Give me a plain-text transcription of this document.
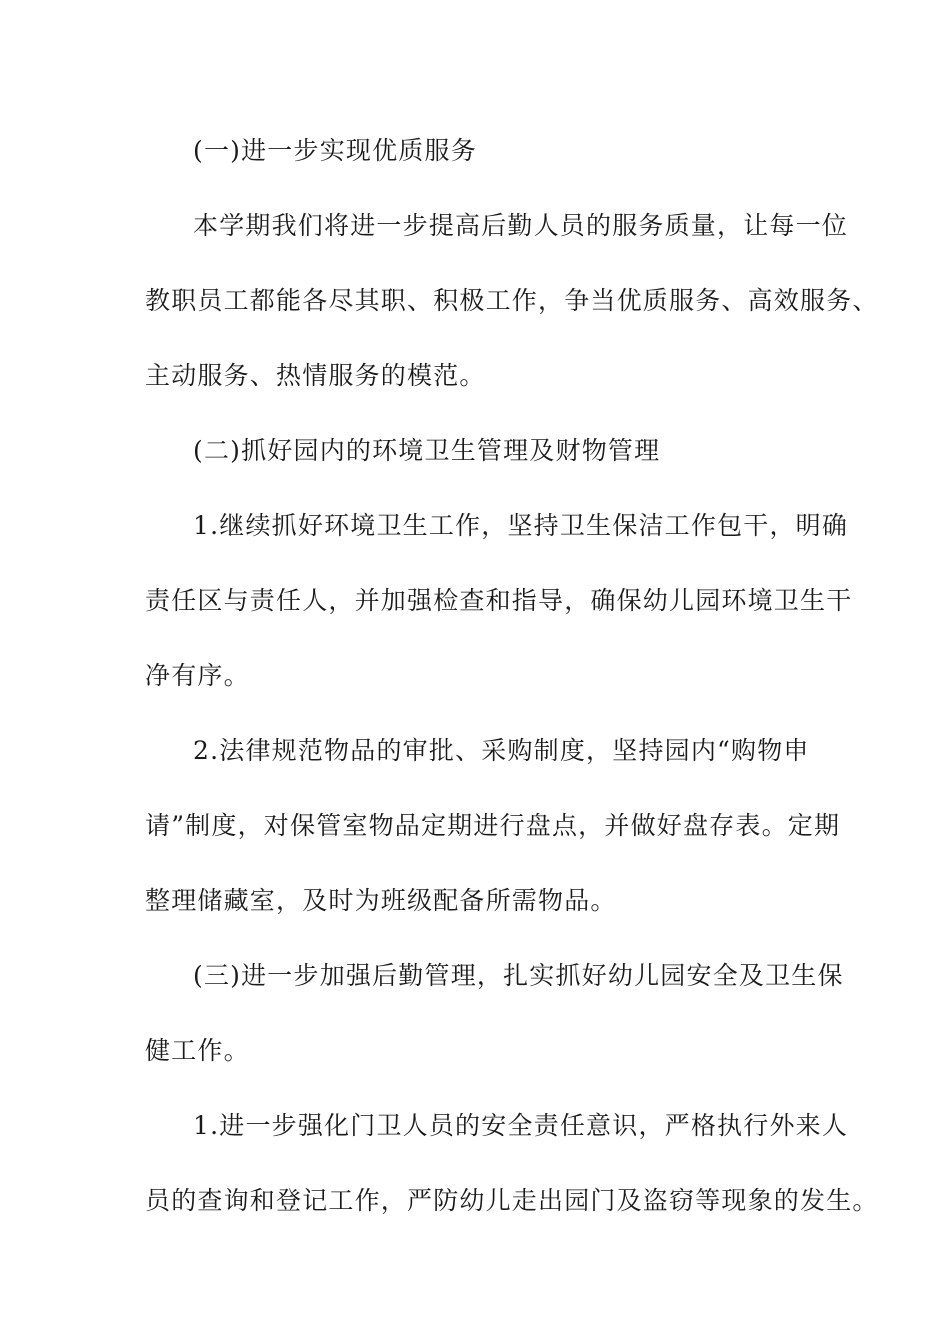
(一)进一步实现优质服务
本学期我们将进一步提高后勤人员的服务质量，让每一位
教职员工都能各尽其职、积极工作，争当优质服务、高效服务、
主动服务、热情服务的模范。
(二)抓好园内的环境卫生管理及财物管理
1.继续抓好环境卫生工作，坚持卫生保洁工作包干，明确
责任区与责任人，并加强检查和指导，确保幼儿园环境卫生干
净有序。
2.法律规范物品的审批、采购制度，坚持园内“购物申
请”制度，对保管室物品定期进行盘点，并做好盘存表。定期
整理储藏室，及时为班级配备所需物品。
(三)进一步加强后勤管理，扎实抓好幼儿园安全及卫生保
健工作。
1.进一步强化门卫人员的安全责任意识，严格执行外来人
员的查询和登记工作，严防幼儿走出园门及盗窃等现象的发生。
